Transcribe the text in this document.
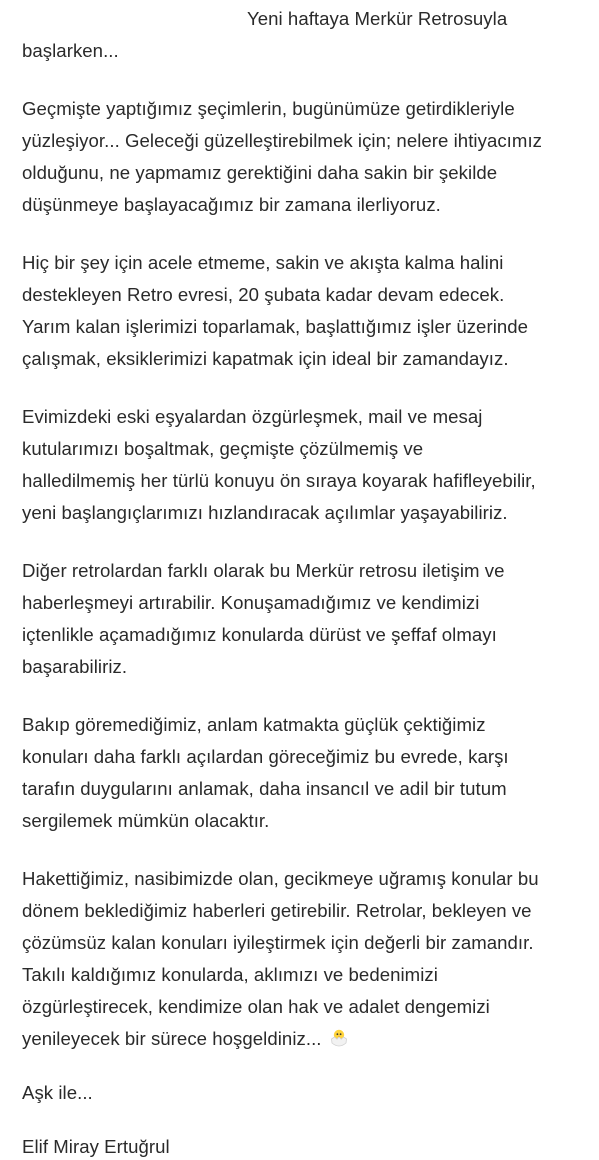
Yeni haftaya Merkür Retrosuyla
başlarken...
Geçmişte yaptığımız şeçimlerin, bugünümüze getirdikleriyle
yüzleşiyor... Geleceği güzelleştirebilmek için; nelere ihtiyacımız
olduğunu, ne yapmamız gerektiğini daha sakin bir şekilde
düşünmeye başlayacağımız bir zamana ilerliyoruz.
Hiç bir şey için acele etmeme, sakin ve akışta kalma halini
destekleyen Retro evresi, 20 şubata kadar devam edecek.
Yarım kalan işlerimizi toparlamak, başlattığımız işler üzerinde
çalışmak, eksiklerimizi kapatmak için ideal bir zamandayız.
Evimizdeki eski eşyalardan özgürleşmek, mail ve mesaj
kutularımızı boşaltmak, geçmişte çözülmemiş ve
halledilmemiş her türlü konuyu ön sıraya koyarak hafifleyebilir,
yeni başlangıçlarımızı hızlandıracak açılımlar yaşayabiliriz.
Diğer retrolardan farklı olarak bu Merkür retrosu iletişim ve
haberleşmeyi artırabilir. Konuşamadığımız ve kendimizi
içtenlikle açamadığımız konularda dürüst ve şeffaf olmayı
başarabiliriz.
Bakıp göremediğimiz, anlam katmakta güçlük çektiğimiz
konuları daha farklı açılardan göreceğimiz bu evrede, karşı
tarafın duygularını anlamak, daha insancıl ve adil bir tutum
sergilemek mümkün olacaktır.
Hakettiğimiz, nasibimizde olan, gecikmeye uğramış konular bu
dönem beklediğimiz haberleri getirebilir. Retrolar, bekleyen ve
çözümsüz kalan konuları iyileştirmek için değerli bir zamandır.
Takılı kaldığımız konularda, aklımızı ve bedenimizi
özgürleştirecek, kendimize olan hak ve adalet dengemizi
yenileyecek bir sürece hoşgeldiniz...
Aşk ile...
Elif Miray Ertuğrul
